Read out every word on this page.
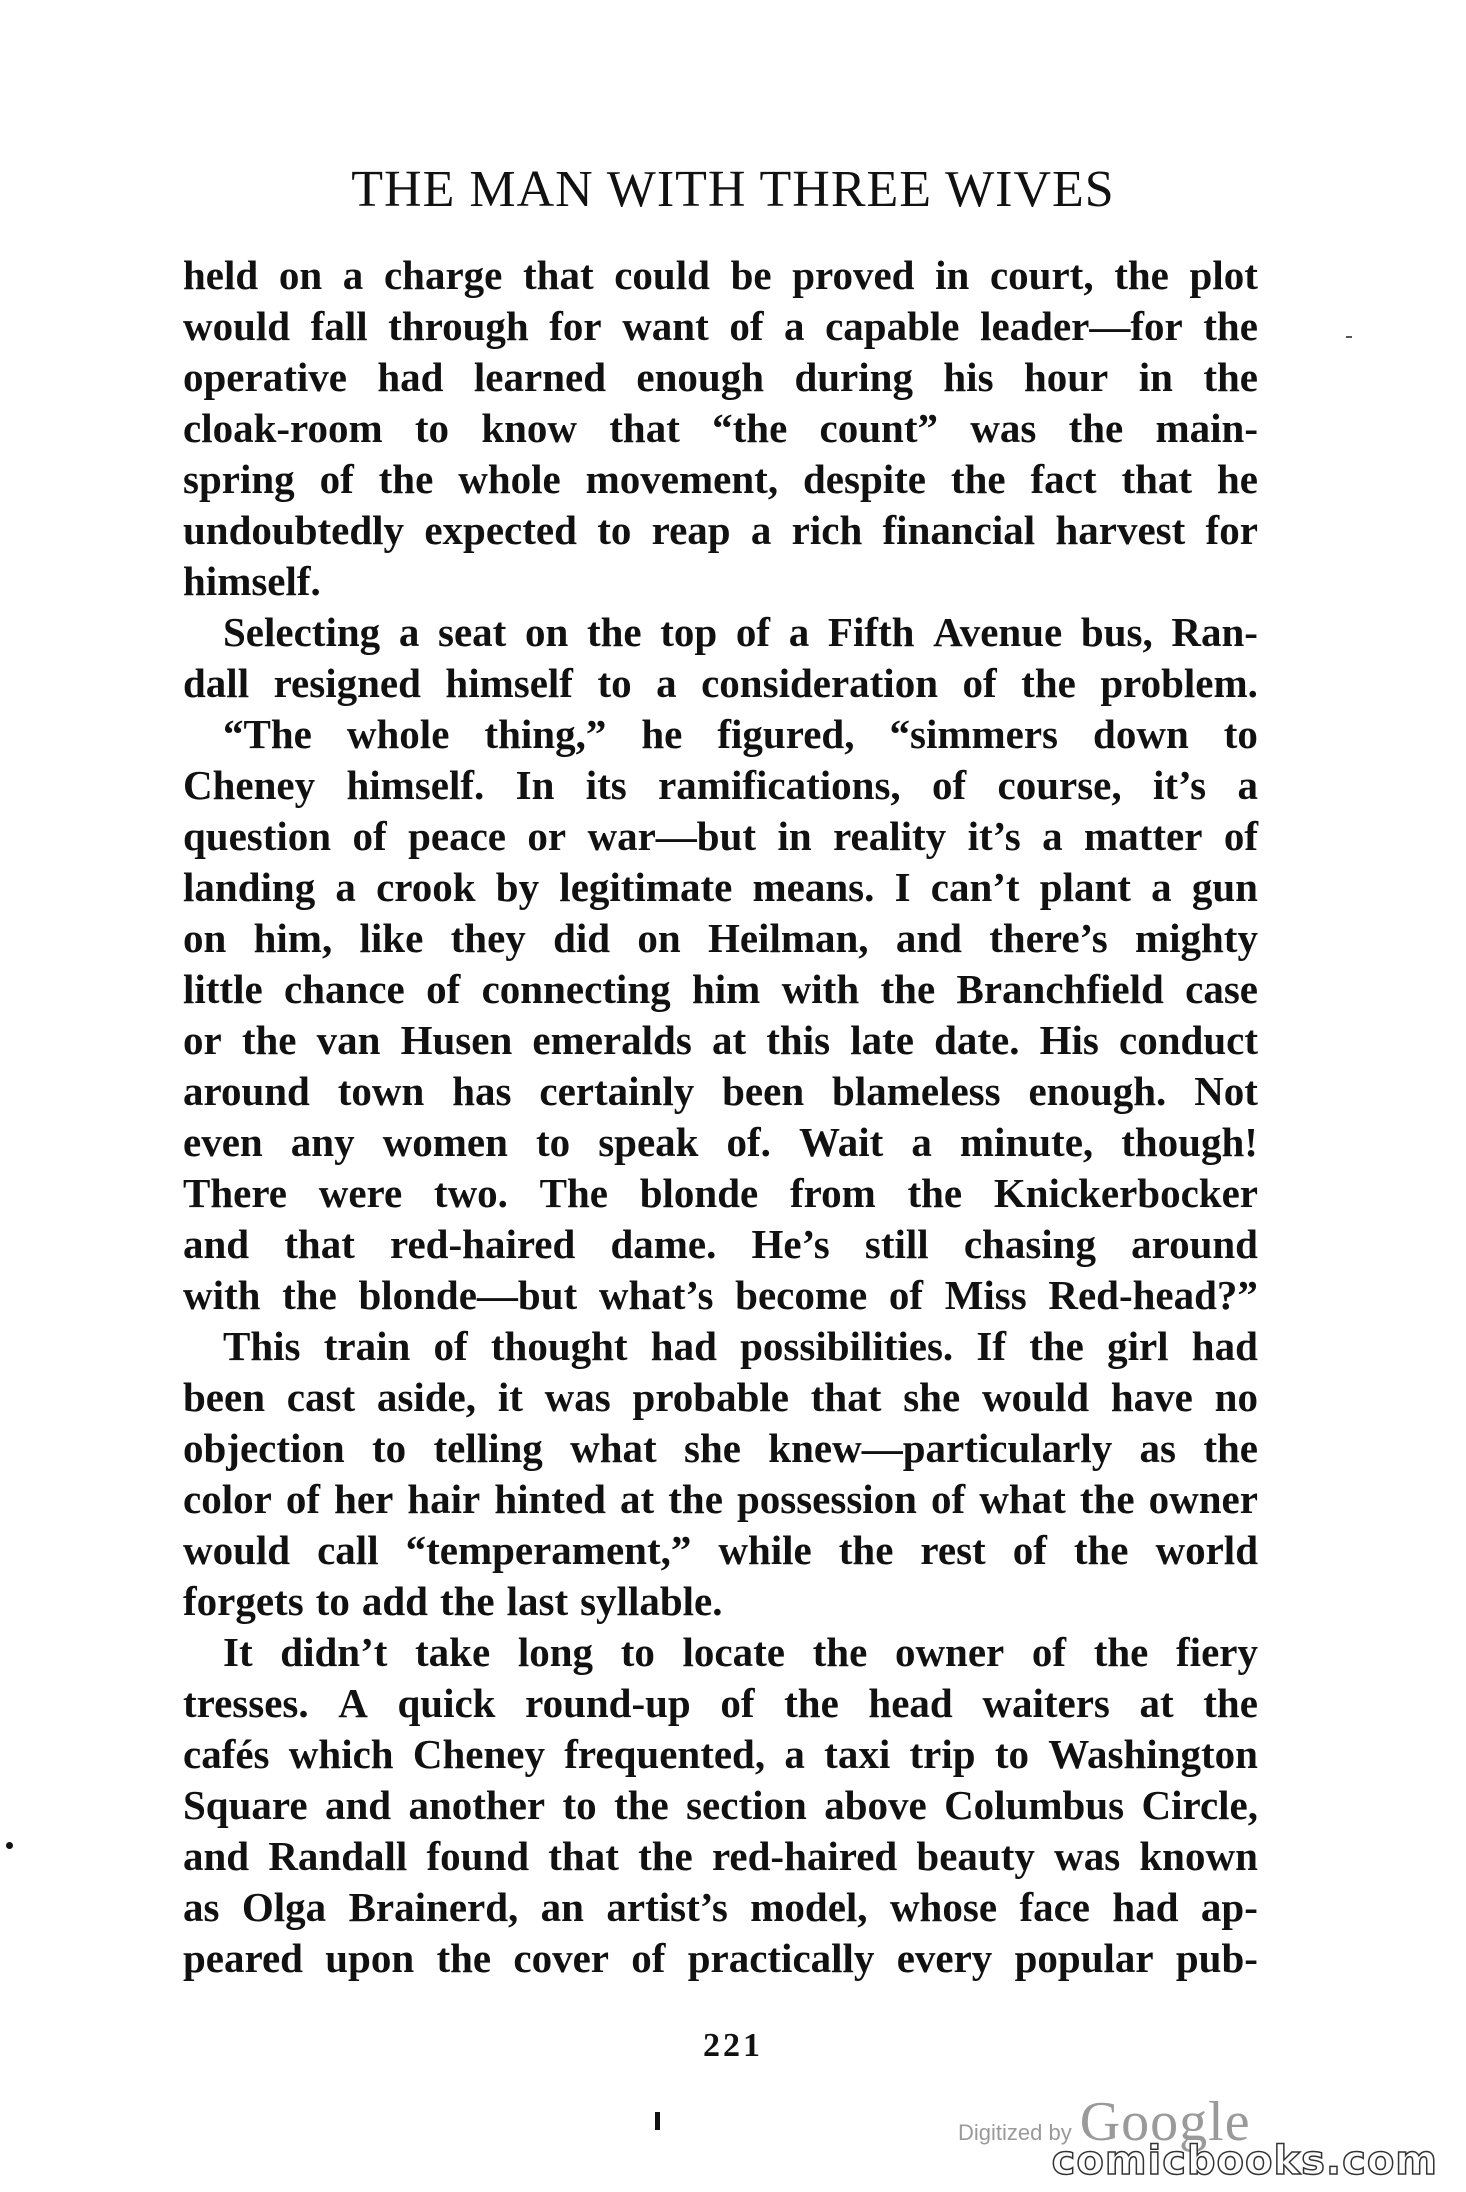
THE MAN WITH THREE WIVES
held on a charge that could be proved in court, the plot
would fall through for want of a capable leader—for the
operative had learned enough during his hour in the
cloak-room to know that “the count” was the main-
spring of the whole movement, despite the fact that he
undoubtedly expected to reap a rich financial harvest for
himself.
Selecting a seat on the top of a Fifth Avenue bus, Ran-
dall resigned himself to a consideration of the problem.
“The whole thing,” he figured, “simmers down to
Cheney himself. In its ramifications, of course, it’s a
question of peace or war—but in reality it’s a matter of
landing a crook by legitimate means. I can’t plant a gun
on him, like they did on Heilman, and there’s mighty
little chance of connecting him with the Branchfield case
or the van Husen emeralds at this late date. His conduct
around town has certainly been blameless enough. Not
even any women to speak of. Wait a minute, though!
There were two. The blonde from the Knickerbocker
and that red-haired dame. He’s still chasing around
with the blonde—but what’s become of Miss Red-head?”
This train of thought had possibilities. If the girl had
been cast aside, it was probable that she would have no
objection to telling what she knew—particularly as the
color of her hair hinted at the possession of what the owner
would call “temperament,” while the rest of the world
forgets to add the last syllable.
It didn’t take long to locate the owner of the fiery
tresses. A quick round-up of the head waiters at the
cafés which Cheney frequented, a taxi trip to Washington
Square and another to the section above Columbus Circle,
and Randall found that the red-haired beauty was known
as Olga Brainerd, an artist’s model, whose face had ap-
peared upon the cover of practically every popular pub-
221
Digitized by Google
comicbooks.com
